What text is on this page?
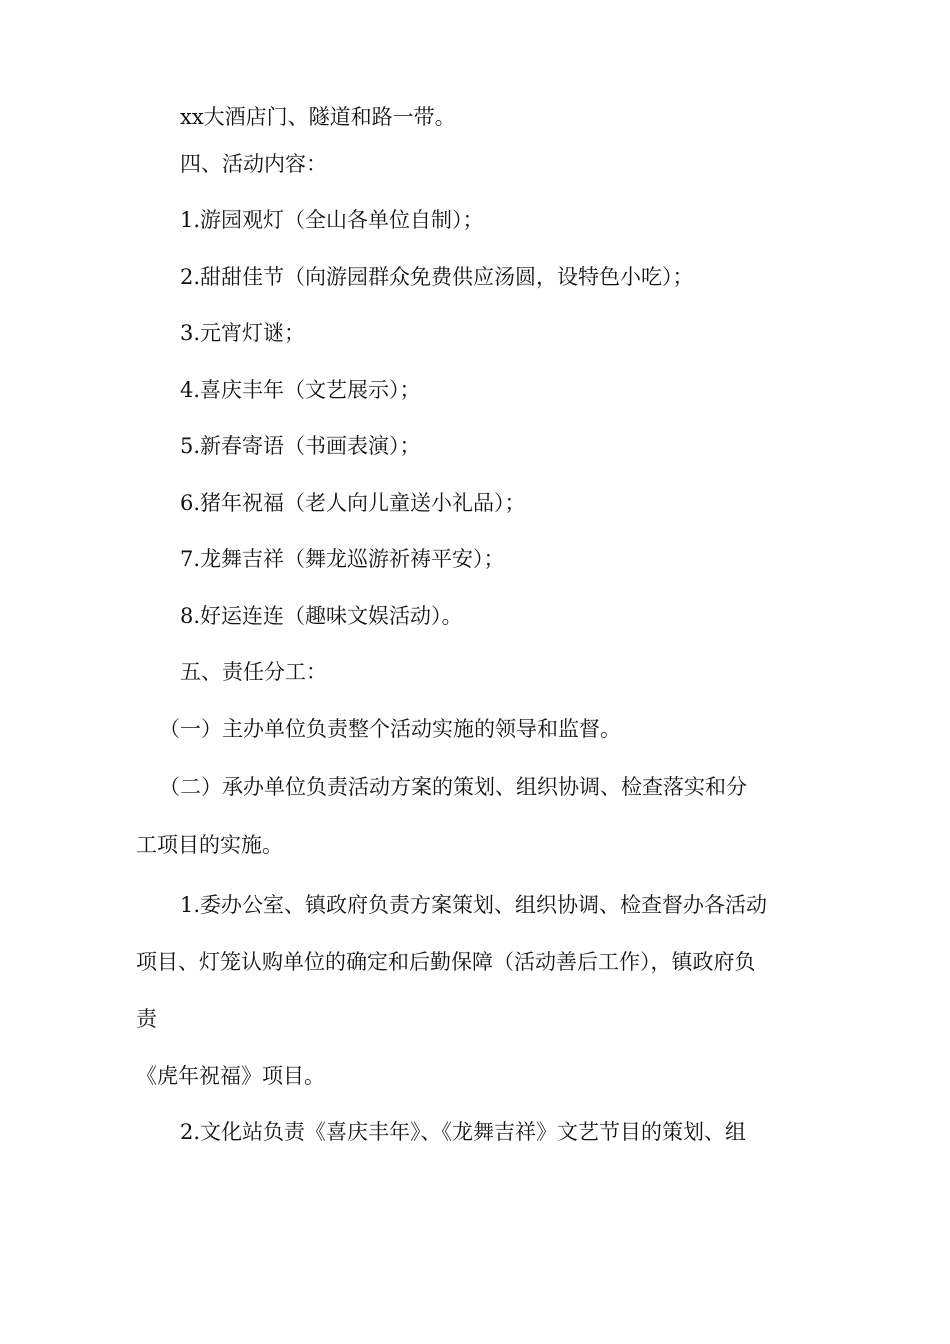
xx大酒店门、隧道和路一带。
四、活动内容：
1.游园观灯（全山各单位自制）；
2.甜甜佳节（向游园群众免费供应汤圆，设特色小吃）；
3.元宵灯谜；
4.喜庆丰年（文艺展示）；
5.新春寄语（书画表演）；
6.猪年祝福（老人向儿童送小礼品）；
7.龙舞吉祥（舞龙巡游祈祷平安）；
8.好运连连（趣味文娱活动）。
五、责任分工：
（一）主办单位负责整个活动实施的领导和监督。
（二）承办单位负责活动方案的策划、组织协调、检查落实和分
工项目的实施。
1.委办公室、镇政府负责方案策划、组织协调、检查督办各活动
项目、灯笼认购单位的确定和后勤保障（活动善后工作），镇政府负
责
《虎年祝福》项目。
2.文化站负责《喜庆丰年》、《龙舞吉祥》文艺节目的策划、组
